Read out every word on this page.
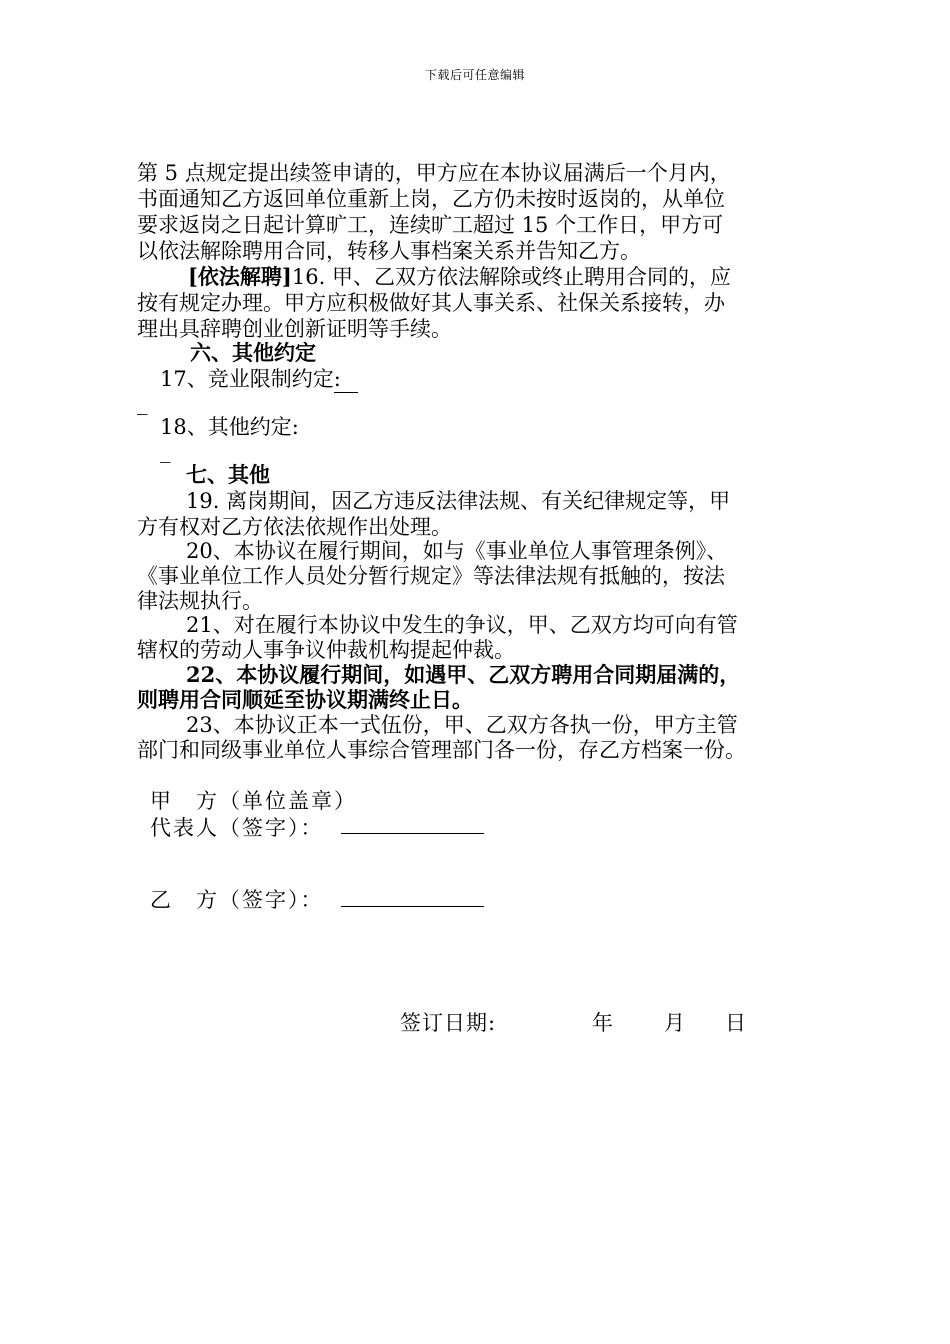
下载后可任意编辑
第 5 点规定提出续签申请的，甲方应在本协议届满后一个月内，
书面通知乙方返回单位重新上岗，乙方仍未按时返岗的，从单位
要求返岗之日起计算旷工，连续旷工超过 15 个工作日，甲方可
以依法解除聘用合同，转移人事档案关系并告知乙方。
[依法解聘]16. 甲、乙双方依法解除或终止聘用合同的，应
按有规定办理。甲方应积极做好其人事关系、社保关系接转，办
理出具辞聘创业创新证明等手续。
六、其他约定
17、竞业限制约定:
_
18、其他约定:
_
七、其他
19. 离岗期间，因乙方违反法律法规、有关纪律规定等，甲
方有权对乙方依法依规作出处理。
20、本协议在履行期间，如与《事业单位人事管理条例》、
《事业单位工作人员处分暂行规定》等法律法规有抵触的，按法
律法规执行。
21、对在履行本协议中发生的争议，甲、乙双方均可向有管
辖权的劳动人事争议仲裁机构提起仲裁。
22、本协议履行期间，如遇甲、乙双方聘用合同期届满的，
则聘用合同顺延至协议期满终止日。
23、本协议正本一式伍份，甲、乙双方各执一份，甲方主管
部门和同级事业单位人事综合管理部门各一份，存乙方档案一份。
甲　方（单位盖章）
代表人（签字）：
乙　方（签字）：
签订日期:	年 月 日
